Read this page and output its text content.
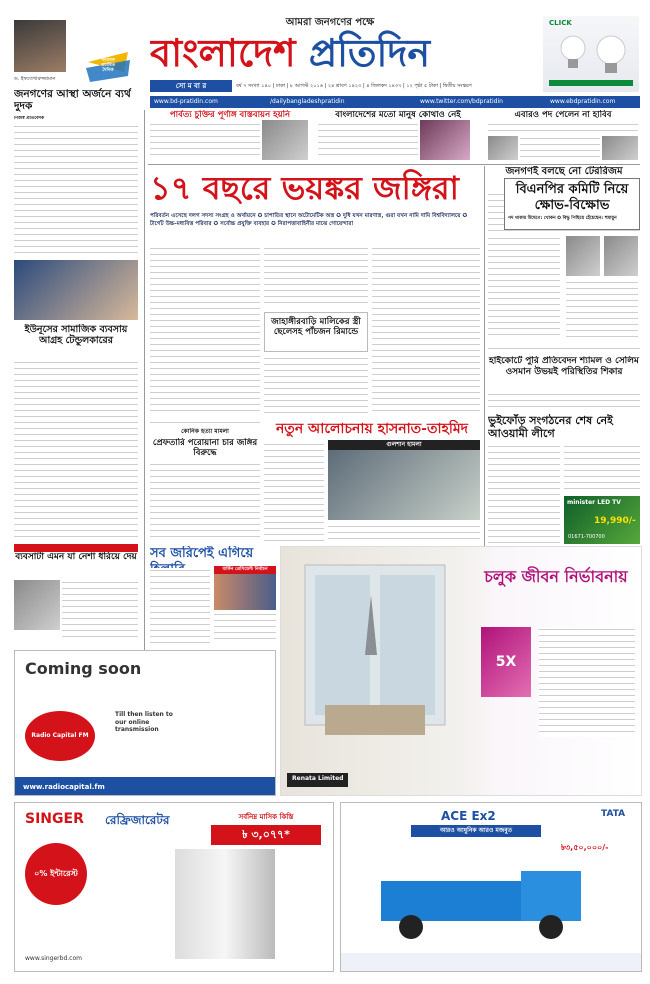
সর্বাধিক
প্রচারিত
দৈনিক
আমরা জনগণের পক্ষে
বাংলাদেশ প্রতিদিন
সো ম বা র	বর্ষ ৭ সংখ্যা ১৪০ | ঢাকা | ৮ আগস্ট ২০১৬ | ২৪ শ্রাবণ ১৪২৩ | ৪ জিলকদ ১৪৩৭ | ১২ পৃষ্ঠা ৫ টাকা | দ্বিতীয় সংস্করণ
CLICK
www.bd-pratidin.com	/dailybangladeshpratidin	www.twitter.com/bdpratidin	www.ebdpratidin.com
ড. ইফতেখারুজ্জামান
জনগণের আস্থা অর্জনে ব্যর্থ দুদক
নিজস্ব প্রতিবেদক	পার্বত্য চুক্তির পূর্ণাঙ্গ বাস্তবায়ন হয়নি	বাংলাদেশের মতো মানুষ কোথাও নেই	এবারও পদ পেলেন না হাবিব
১৭ বছরে ভয়ঙ্কর জঙ্গিরা
পরিবর্তন এসেছে দলগ সদস্য সংগ্রহ ও অর্থায়নে ✪ চাপাতির স্থানে অটোমেটিক অস্ত্র ✪ দুধি যখন মারণাস্ত্র, গুরা যখন নামি দামি বিশ্ববিদ্যালয়ে ✪ টার্গেট উচ্চ-মধ্যবিত্ত পরিবার ✪ সর্বোচ্চ প্রযুক্তি ব্যবহার ✪ নিরাপত্তাবাহিনীর মাঝে গোয়েন্দারা
জাহাঙ্গীরবাড়ি মালিকের স্ত্রী ছেলেসহ পাঁচজন রিমান্ডে
কোনিক হত্যা মামলা
প্রেফতারি পরোয়ানা চার জঙ্গির বিরুদ্ধে
নতুন আলোচনায় হাসনাত-তাহমিদ
গুলশান হামলা
ইউনূসের সামাজিক ব্যবসায় আগ্রহ টেন্ডুলকারের
জনগণই বলছে নো টেররিজম
বিএনপির কমিটি নিয়ে ক্ষোভ-বিক্ষোভ
পদ থাকার উদ্বেগে: খোকন ✪ বিদ্ধু পিছিয়ে হেঁচেছেন: হুমায়ুন
হাইকোর্টে পুরি প্রতিবেদন শ্যামল ও সেলিম ওসমান উভয়ই পরিস্থিতির শিকার
ভুইফোঁড় সংগঠনের শেষ নেই আওয়ামী লীগে
minister LED TV
19,990/-
01671-700700
ব্যবসাটা এমন যা নেশা ধরিয়ে দেয় সব জরিপেই এগিয়ে
মার্কিন প্রেসিডেন্ট নির্বাচন	চলুক জীবন নির্ভাবনায়
5X
Renata Limited
Coming soon
Radio Capital FM
Till then listen to our online transmission
www.radiocapital.fm
SINGER রেফ্রিজারেটর
০% ইন্টারেস্ট
সর্বনিম্ন মাসিক কিস্তি
৳ ৩,০৭৭*
www.singerbd.com
ACE Ex2
আরও আধুনিক আরও মজবুত
TATA
৳৩,৫০,০০০/-
